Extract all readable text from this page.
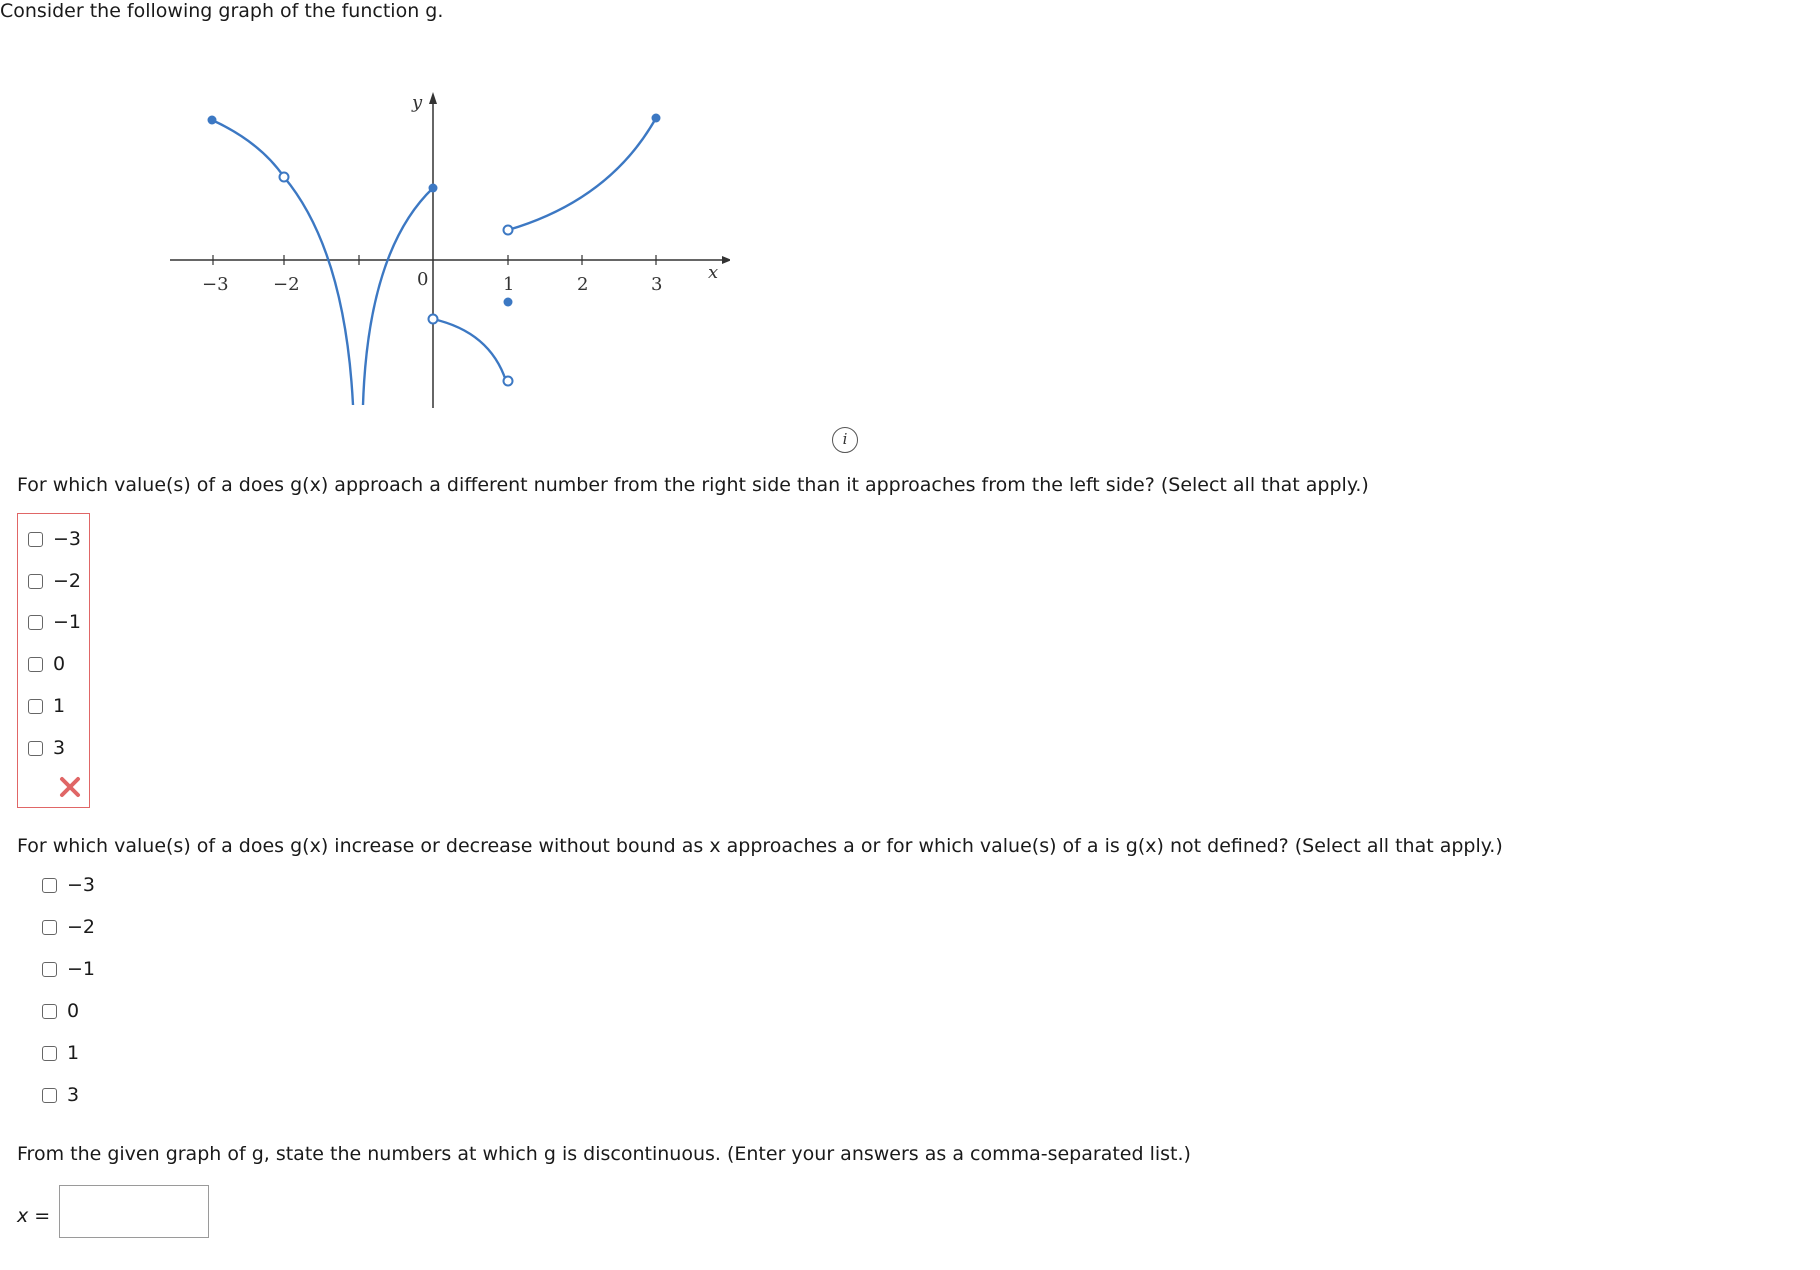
Consider the following graph of the function g.
−3 −2	0	1	2	3
x
y
i
For which value(s) of a does g(x) approach a different number from the right side than it approaches from the left side? (Select all that apply.)
−3
−2
−1
0
1
3
For which value(s) of a does g(x) increase or decrease without bound as x approaches a or for which value(s) of a is g(x) not defined? (Select all that apply.)
−3
−2
−1
0
1
3
From the given graph of g, state the numbers at which g is discontinuous. (Enter your answers as a comma-separated list.)
x =
